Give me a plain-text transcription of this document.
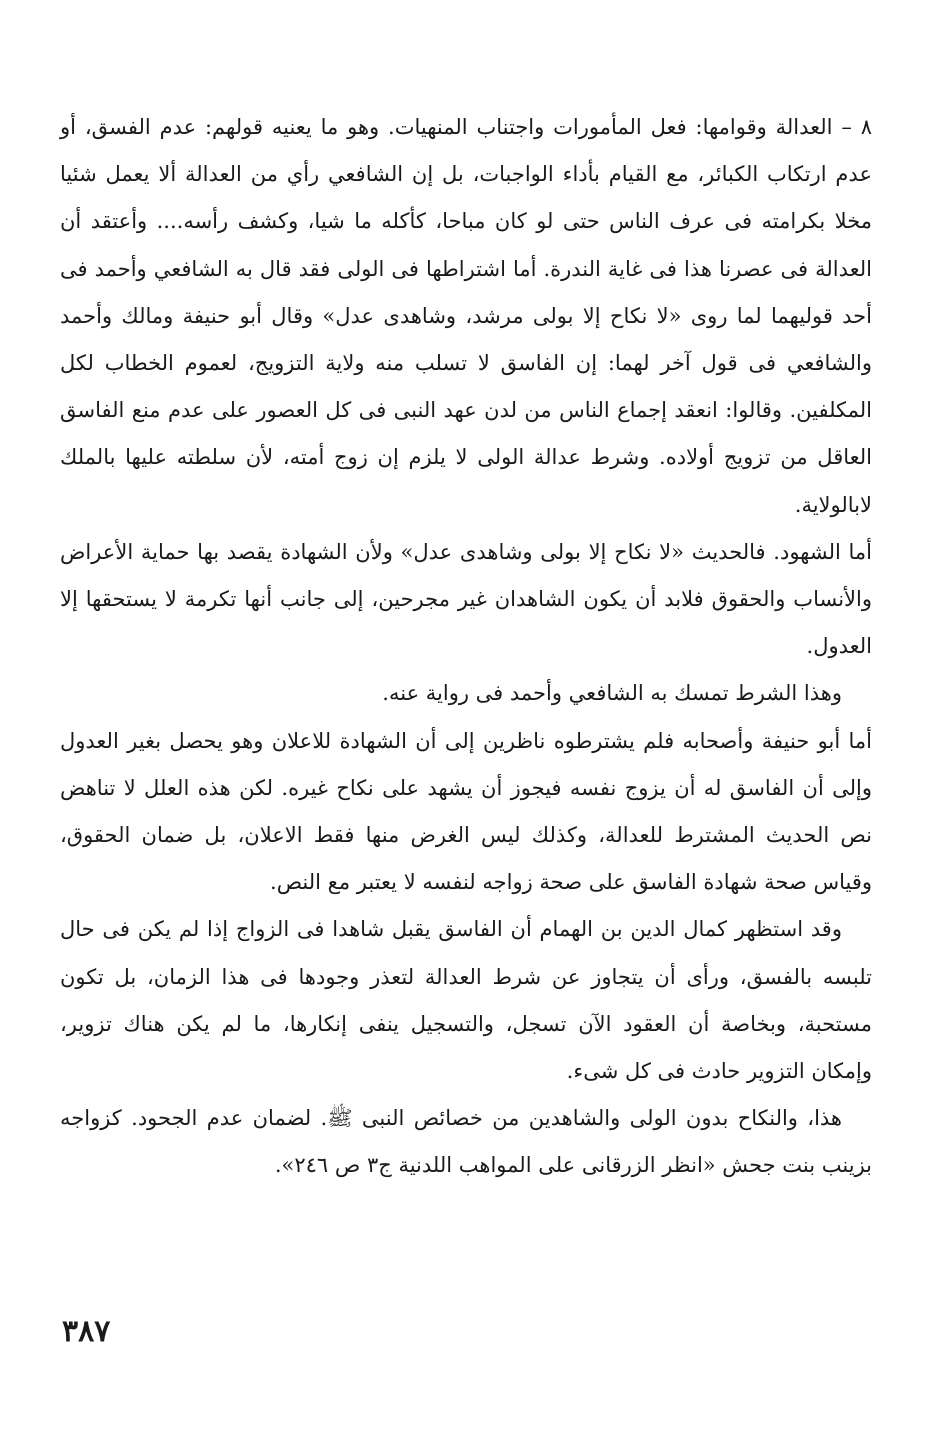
٨ – العدالة وقوامها: فعل المأمورات واجتناب المنهيات. وهو ما يعنيه قولهم: عدم الفسق، أو عدم ارتكاب الكبائر، مع القيام بأداء الواجبات، بل إن الشافعي رأي من العدالة ألا يعمل شئيا مخلا بكرامته فى عرف الناس حتى لو كان مباحا، كأكله ما شيا، وكشف رأسه.... وأعتقد أن العدالة فى عصرنا هذا فى غاية الندرة. أما اشتراطها فى الولى فقد قال به الشافعي وأحمد فى أحد قوليهما لما روى «لا نكاح إلا بولى مرشد، وشاهدى عدل» وقال أبو حنيفة ومالك وأحمد والشافعي فى قول آخر لهما: إن الفاسق لا تسلب منه ولاية التزويج، لعموم الخطاب لكل المكلفين. وقالوا: انعقد إجماع الناس من لدن عهد النبى فى كل العصور على عدم منع الفاسق العاقل من تزويج أولاده. وشرط عدالة الولى لا يلزم إن زوج أمته، لأن سلطته عليها بالملك لابالولاية.

أما الشهود. فالحديث «لا نكاح إلا بولى وشاهدى عدل» ولأن الشهادة يقصد بها حماية الأعراض والأنساب والحقوق فلابد أن يكون الشاهدان غير مجرحين، إلى جانب أنها تكرمة لا يستحقها إلا العدول.

وهذا الشرط تمسك به الشافعي وأحمد فى رواية عنه.

أما أبو حنيفة وأصحابه فلم يشترطوه ناظرين إلى أن الشهادة للاعلان وهو يحصل بغير العدول وإلى أن الفاسق له أن يزوج نفسه فيجوز أن يشهد على نكاح غيره. لكن هذه العلل لا تناهض نص الحديث المشترط للعدالة، وكذلك ليس الغرض منها فقط الاعلان، بل ضمان الحقوق، وقياس صحة شهادة الفاسق على صحة زواجه لنفسه لا يعتبر مع النص.

وقد استظهر كمال الدين بن الهمام أن الفاسق يقبل شاهدا فى الزواج إذا لم يكن فى حال تلبسه بالفسق، ورأى أن يتجاوز عن شرط العدالة لتعذر وجودها فى هذا الزمان، بل تكون مستحبة، وبخاصة أن العقود الآن تسجل، والتسجيل ينفى إنكارها، ما لم يكن هناك تزوير، وإمكان التزوير حادث فى كل شىء.

هذا، والنكاح بدون الولى والشاهدين من خصائص النبى ﷺ. لضمان عدم الجحود. كزواجه بزينب بنت جحش «انظر الزرقانى على المواهب اللدنية ج٣ ص ٢٤٦».

٣٨٧
